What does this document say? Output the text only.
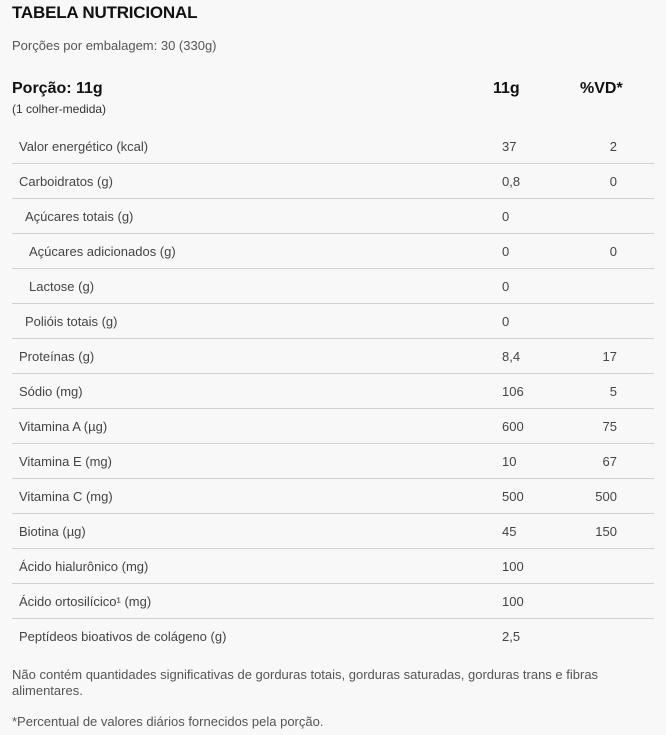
TABELA NUTRICIONAL
Porções por embalagem: 30 (330g)
Porção: 11g
(1 colher-medida)
11g	%VD*
Valor energético (kcal)	37	2
Carboidratos (g)	0,8	0
Açúcares totais (g)	0
Açúcares adicionados (g)	0	0
Lactose (g)	0
Polióis totais (g)	0
Proteínas (g)	8,4	17
Sódio (mg)	106	5
Vitamina A (µg)	600	75
Vitamina E (mg)	10	67
Vitamina C (mg)	500	500
Biotina (µg)	45	150
Ácido hialurônico (mg)	100
Ácido ortosilícico¹ (mg)	100
Peptídeos bioativos de colágeno (g)	2,5
Não contém quantidades significativas de gorduras totais, gorduras saturadas, gorduras trans e fibras alimentares.
*Percentual de valores diários fornecidos pela porção.
